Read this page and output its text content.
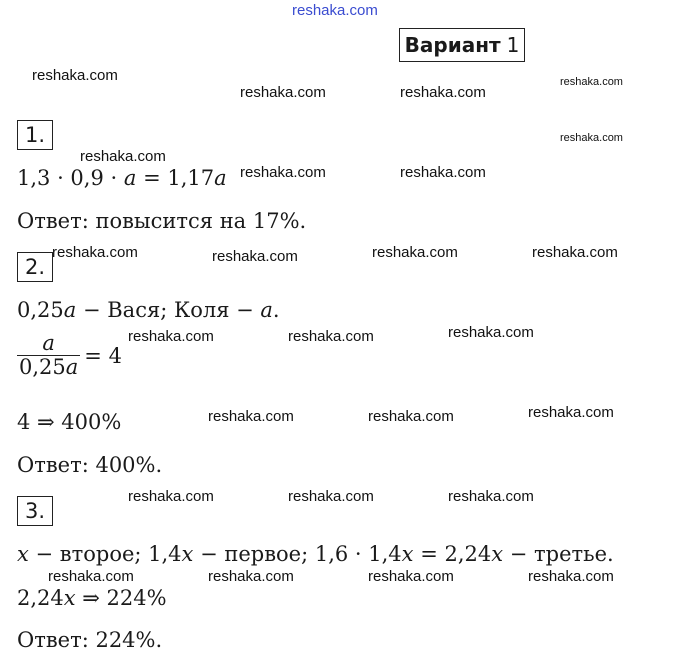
reshaka.com
reshaka.com
reshaka.com	reshaka.com
reshaka.com
reshaka.com
reshaka.com
reshaka.com	reshaka.com
reshaka.com	reshaka.com	reshaka.com	reshaka.com
reshaka.com	reshaka.com	reshaka.com
reshaka.com	reshaka.com	reshaka.com
reshaka.com	reshaka.com	reshaka.com
reshaka.com	reshaka.com	reshaka.com	reshaka.com
Вариант 1
1.
1,3 · 0,9 · a = 1,17a
Ответ: повысится на 17%.
2.
0,25a − Вася; Коля − a.
$\frac{a}{0,25a} = 4$
4 ⇒ 400%
Ответ: 400%.
3.
x − второе; 1,4x − первое; 1,6 · 1,4x = 2,24x − третье.
2,24x ⇒ 224%
Ответ: 224%.
